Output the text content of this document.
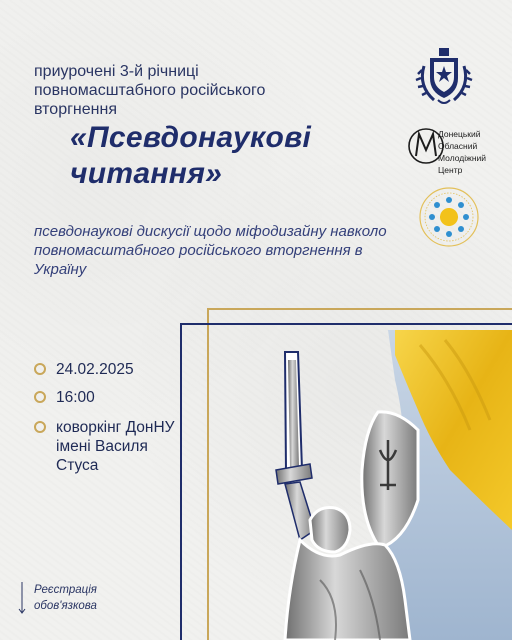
приурочені 3-й річниці повномасштабного російського вторгнення
«Псевдонаукові читання»
псевдонаукові дискусії щодо міфодизайну навколо повномасштабного російського вторгнення в Україну
Донецький Обласний Молодіжний Центр
24.02.2025
16:00
коворкінг ДонНУ імені Василя Стуса
Реєстрація обов'язкова
